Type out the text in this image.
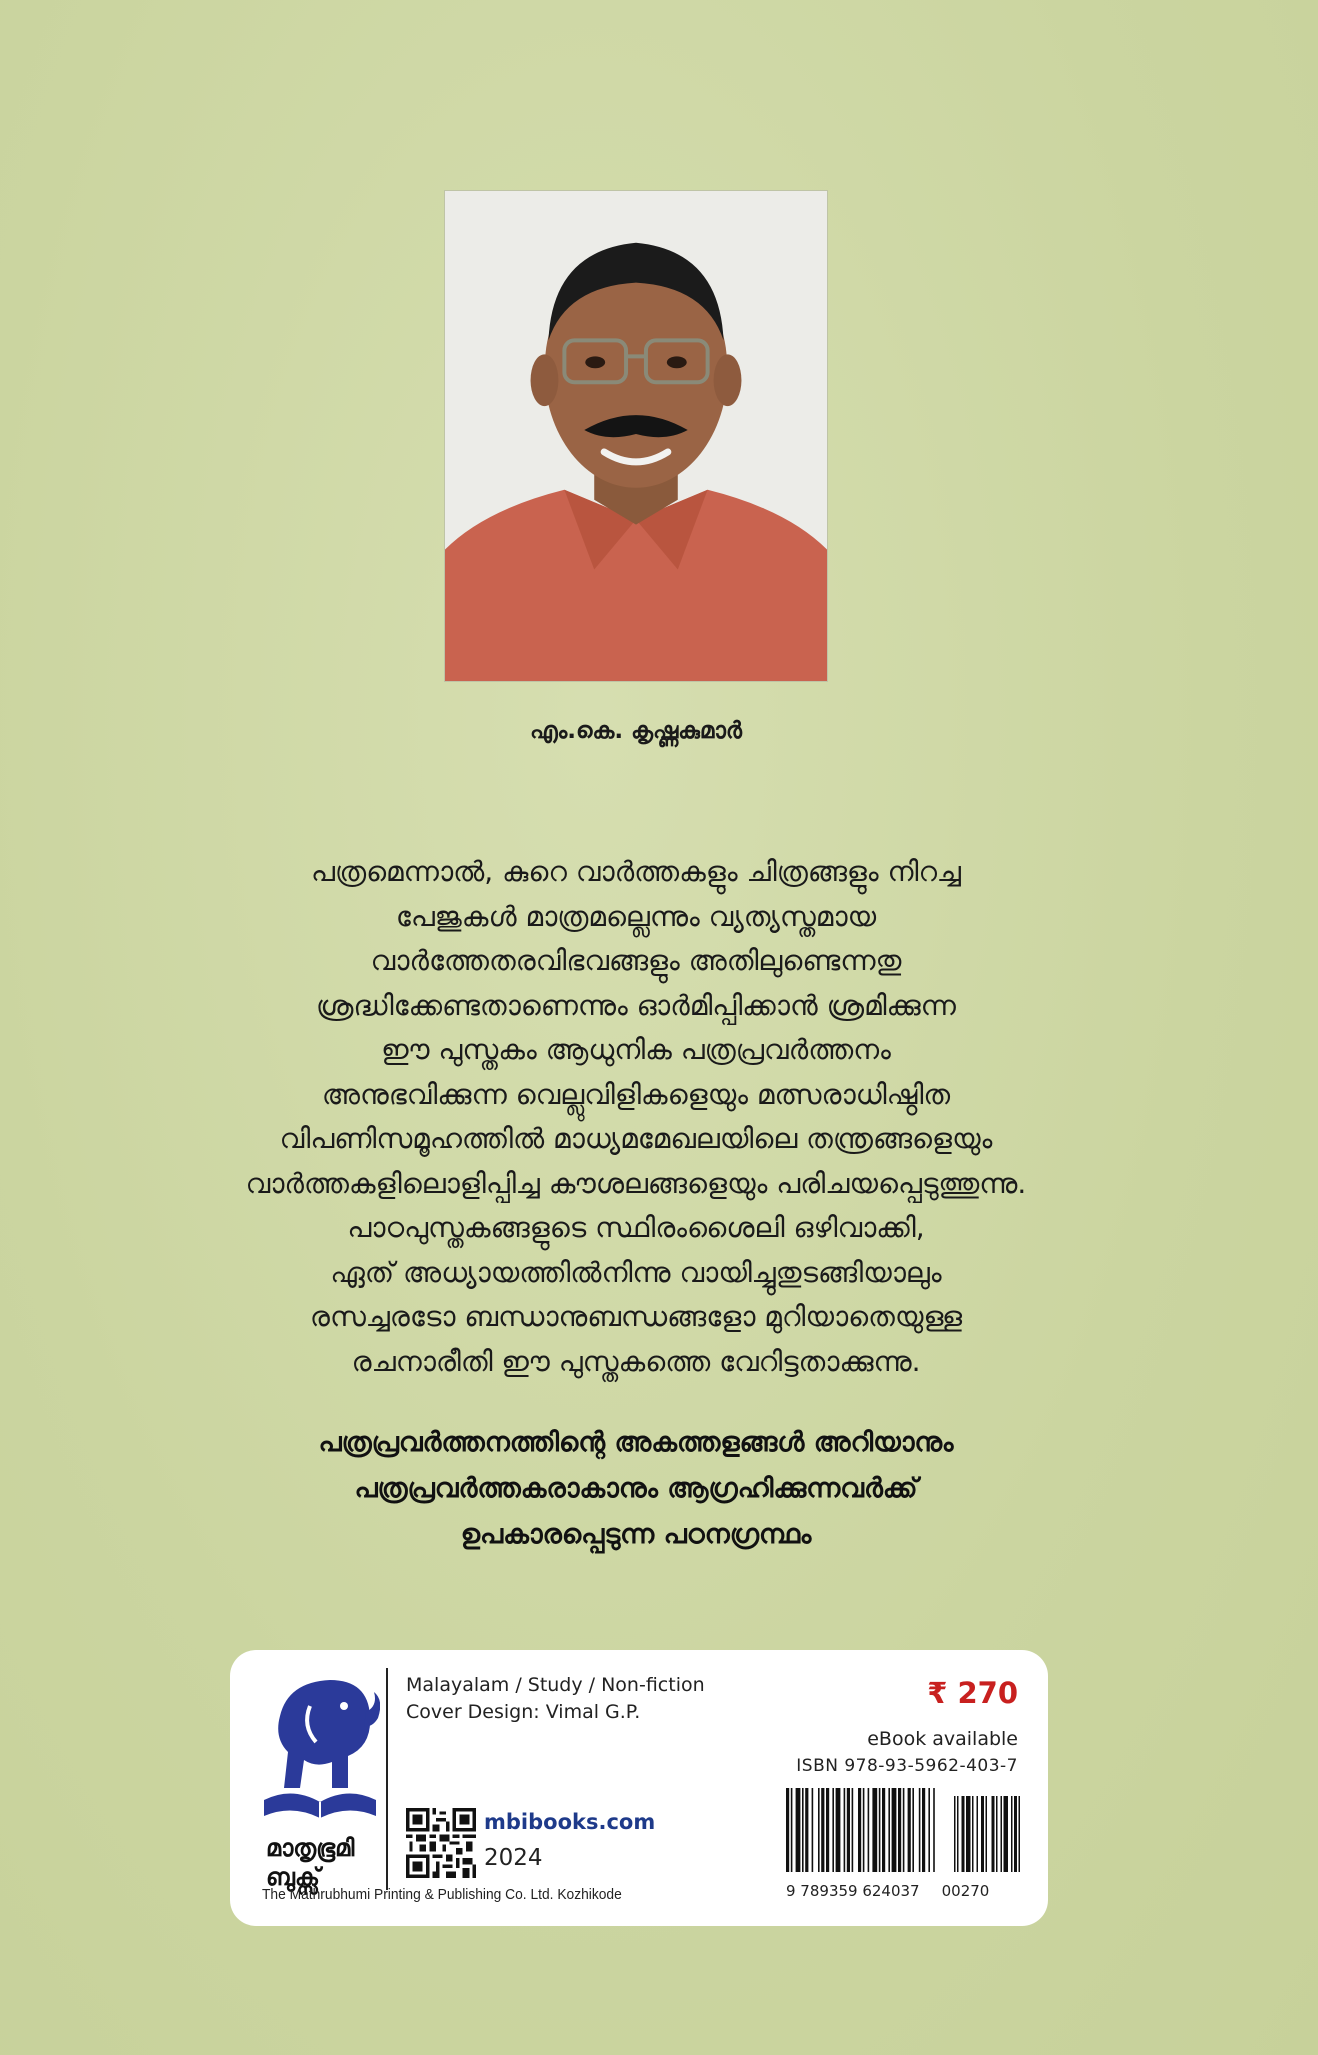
എം.കെ. കൃഷ്ണകുമാർ
പത്രമെന്നാൽ, കുറെ വാർത്തകളും ചിത്രങ്ങളും നിറച്ച
പേജുകൾ മാത്രമല്ലെന്നും വ്യത്യസ്തമായ
വാർത്തേതരവിഭവങ്ങളും അതിലുണ്ടെന്നതു
ശ്രദ്ധിക്കേണ്ടതാണെന്നും ഓർമിപ്പിക്കാൻ ശ്രമിക്കുന്ന
ഈ പുസ്തകം ആധുനിക പത്രപ്രവർത്തനം
അനുഭവിക്കുന്ന വെല്ലുവിളികളെയും മത്സരാധിഷ്ഠിത
വിപണിസമൂഹത്തിൽ മാധ്യമമേഖലയിലെ തന്ത്രങ്ങളെയും
വാർത്തകളിലൊളിപ്പിച്ച കൗശലങ്ങളെയും പരിചയപ്പെടുത്തുന്നു.
പാഠപുസ്തകങ്ങളുടെ സ്ഥിരംശൈലി ഒഴിവാക്കി,
ഏത് അധ്യായത്തിൽനിന്നു വായിച്ചുതുടങ്ങിയാലും
രസച്ചരടോ ബന്ധാനുബന്ധങ്ങളോ മുറിയാതെയുള്ള
രചനാരീതി ഈ പുസ്തകത്തെ വേറിട്ടതാക്കുന്നു.
പത്രപ്രവർത്തനത്തിന്റെ അകത്തളങ്ങൾ അറിയാനും
പത്രപ്രവർത്തകരാകാനും ആഗ്രഹിക്കുന്നവർക്ക്
ഉപകാരപ്പെടുന്ന പഠനഗ്രന്ഥം
മാതൃഭൂമി
ബുക്സ്
The Mathrubhumi Printing & Publishing Co. Ltd. Kozhikode
Malayalam / Study / Non-fiction
Cover Design: Vimal G.P.
mbibooks.com
2024
₹ 270
eBook available
ISBN 978-93-5962-403-7
9 789359 624037 00270
